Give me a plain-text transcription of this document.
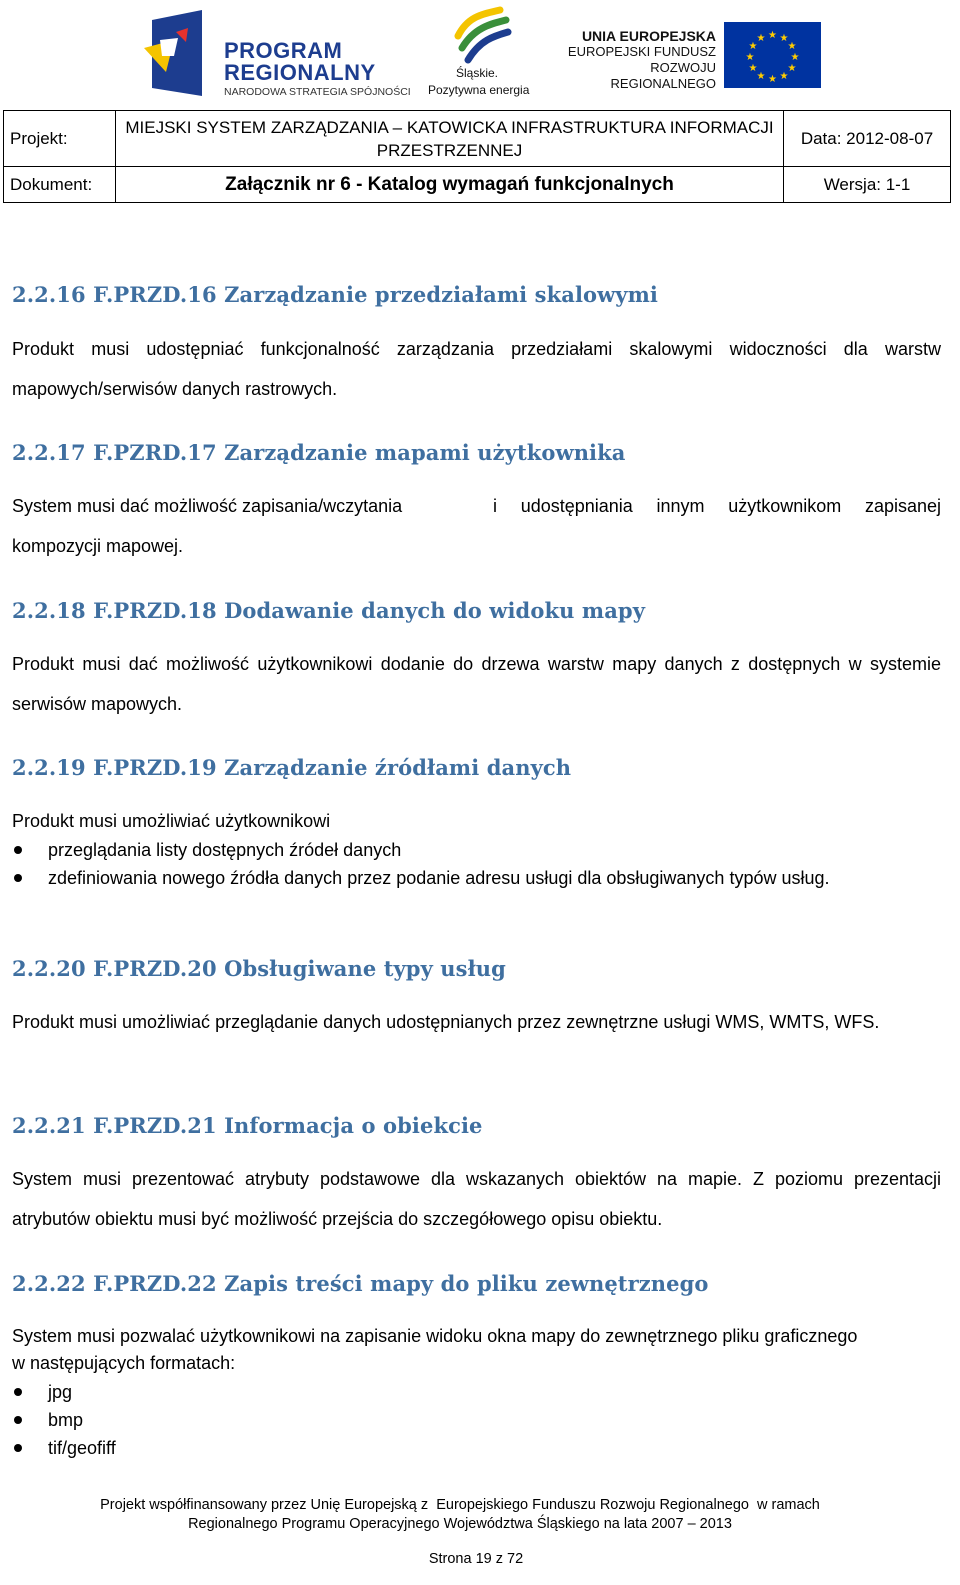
PROGRAM
REGIONALNY
NARODOWA STRATEGIA SPÓJNOŚCI
Śląskie.
Pozytywna energia
UNIA EUROPEJSKA
EUROPEJSKI FUNDUSZ
ROZWOJU REGIONALNEGO
★ ★
★
★
★
★
★
★
★
★
★
★
Projekt:	MIEJSKI SYSTEM ZARZĄDZANIA – KATOWICKA INFRASTRUKTURA INFORMACJI PRZESTRZENNEJ	Data: 2012-08-07
Dokument:	Załącznik nr 6 - Katalog wymagań funkcjonalnych	Wersja: 1-1
2.2.16 F.PRZD.16 Zarządzanie przedziałami skalowymi

Produkt musi udostępniać funkcjonalność zarządzania przedziałami skalowymi widoczności dla warstw mapowych/serwisów danych rastrowych.

2.2.17 F.PZRD.17 Zarządzanie mapami użytkownika
System musi dać możliwość zapisania/wczytania	i udostępniania innym użytkownikom zapisanej
kompozycji mapowej.
2.2.18 F.PRZD.18 Dodawanie danych do widoku mapy

Produkt musi dać możliwość użytkownikowi dodanie do drzewa warstw mapy danych z dostępnych w systemie serwisów mapowych.

2.2.19 F.PRZD.19 Zarządzanie źródłami danych

Produkt musi umożliwiać użytkownikowi

przeglądania listy dostępnych źródeł danych
zdefiniowania nowego źródła danych przez podanie adresu usługi dla obsługiwanych typów usług.
2.2.20 F.PRZD.20 Obsługiwane typy usług

Produkt musi umożliwiać przeglądanie danych udostępnianych przez zewnętrzne usługi WMS, WMTS, WFS.

2.2.21 F.PRZD.21 Informacja o obiekcie

System musi prezentować atrybuty podstawowe dla wskazanych obiektów na mapie. Z poziomu prezentacji atrybutów obiektu musi być możliwość przejścia do szczegółowego opisu obiektu.

2.2.22 F.PRZD.22 Zapis treści mapy do pliku zewnętrznego

System musi pozwalać użytkownikowi na zapisanie widoku okna mapy do zewnętrznego pliku graficznego w następujących formatach:

jpg
bmp
tif/geofiff
Projekt współfinansowany przez Unię Europejską z  Europejskiego Funduszu Rozwoju Regionalnego  w ramach
Regionalnego Programu Operacyjnego Województwa Śląskiego na lata 2007 – 2013
Strona 19 z 72
